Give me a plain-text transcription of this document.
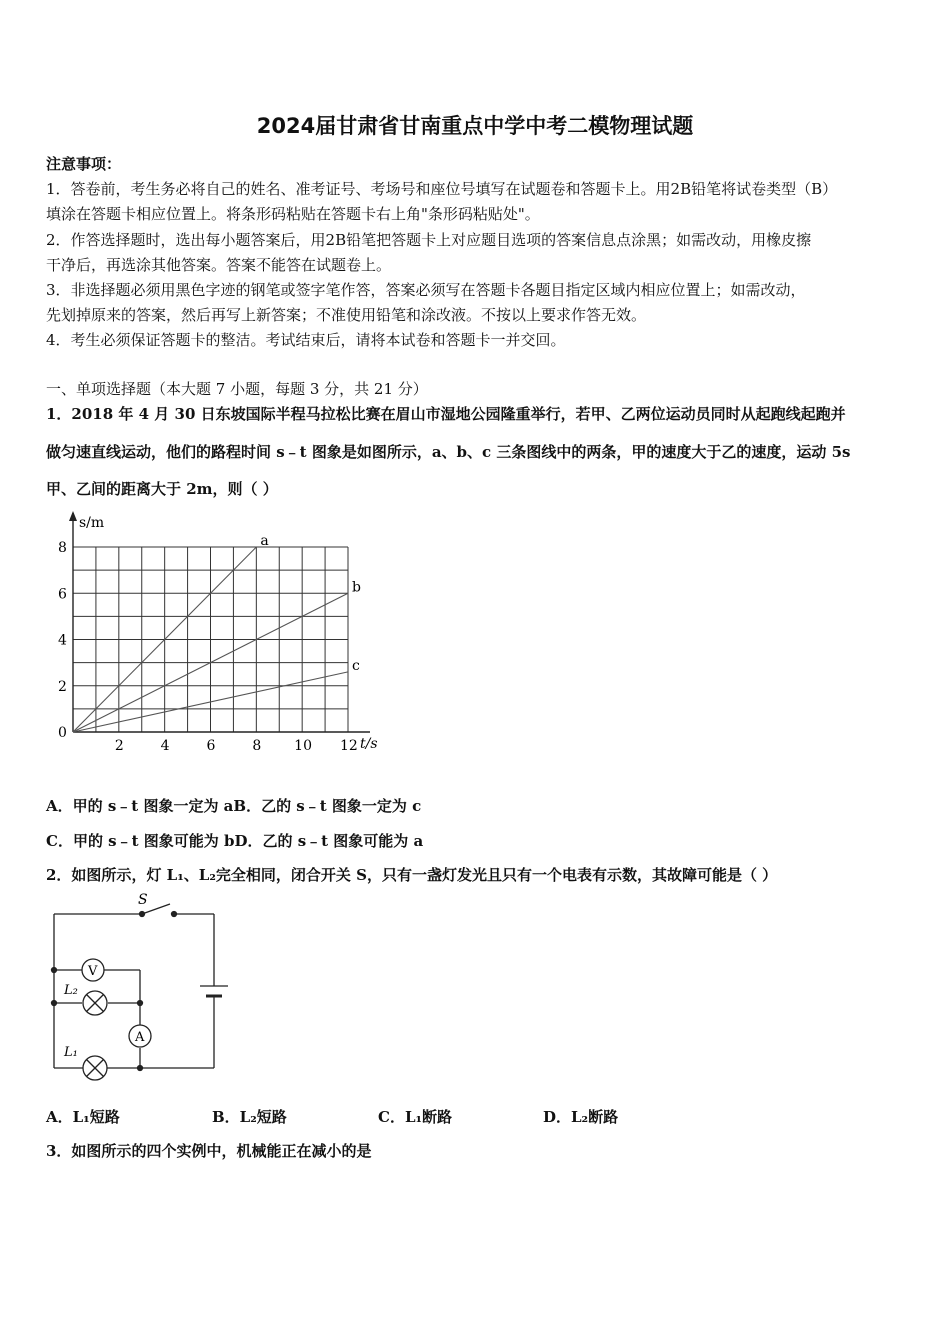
2024届甘肃省甘南重点中学中考二模物理试题
注意事项：
1．答卷前，考生务必将自己的姓名、准考证号、考场号和座位号填写在试题卷和答题卡上。用2B铅笔将试卷类型（B）
填涂在答题卡相应位置上。将条形码粘贴在答题卡右上角"条形码粘贴处"。
2．作答选择题时，选出每小题答案后，用2B铅笔把答题卡上对应题目选项的答案信息点涂黑；如需改动，用橡皮擦
干净后，再选涂其他答案。答案不能答在试题卷上。
3．非选择题必须用黑色字迹的钢笔或签字笔作答，答案必须写在答题卡各题目指定区域内相应位置上；如需改动，
先划掉原来的答案，然后再写上新答案；不准使用铅笔和涂改液。不按以上要求作答无效。
4．考生必须保证答题卡的整洁。考试结束后，请将本试卷和答题卡一并交回。
一、单项选择题（本大题 7 小题，每题 3 分，共 21 分）
1．2018 年 4 月 30 日东坡国际半程马拉松比赛在眉山市湿地公园隆重举行，若甲、乙两位运动员同时从起跑线起跑并
做匀速直线运动，他们的路程时间 s﹣t 图象是如图所示，a、b、c 三条图线中的两条，甲的速度大于乙的速度，运动 5s
甲、乙间的距离大于 2m，则（ ）
a
b
c
0
2
4
6
8
2	4	6	8 10 12
s/m
t/s
A．甲的 s﹣t 图象一定为 aB．乙的 s﹣t 图象一定为 c
C．甲的 s﹣t 图象可能为 bD．乙的 s﹣t 图象可能为 a
2．如图所示，灯 L₁、L₂完全相同，闭合开关 S，只有一盏灯发光且只有一个电表有示数，其故障可能是（ ）
S
V
A
L₂
L₁
A．L₁短路	B．L₂短路	C．L₁断路	D．L₂断路
3．如图所示的四个实例中，机械能正在减小的是
